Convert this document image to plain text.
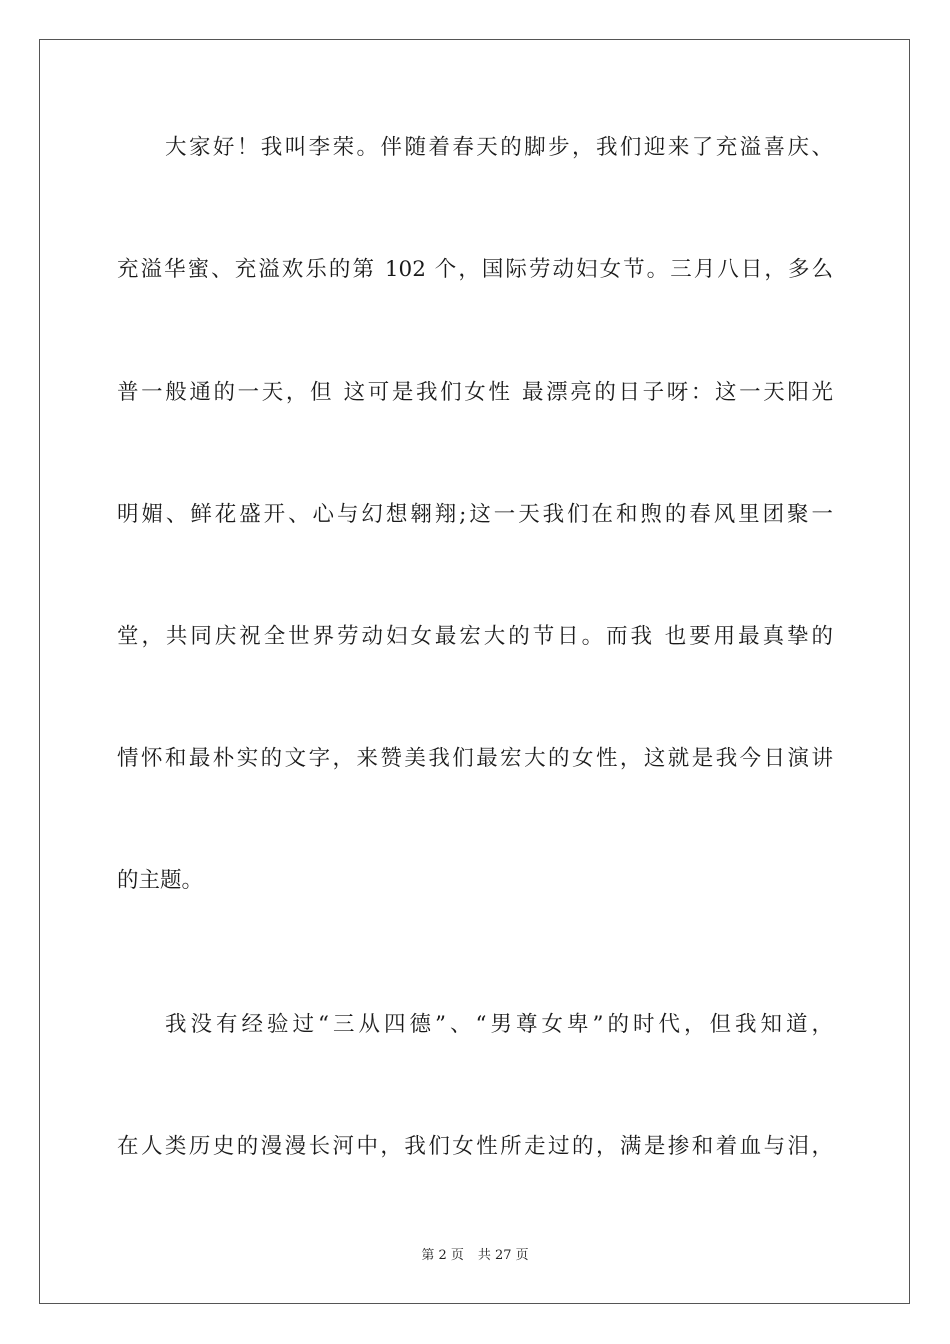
大家好！我叫李荣。伴随着春天的脚步，我们迎来了充溢喜庆、
充溢华蜜、充溢欢乐的第 102 个，国际劳动妇女节。三月八日，多么
普一般通的一天，但 这可是我们女性 最漂亮的日子呀：这一天阳光
明媚、鲜花盛开、心与幻想翱翔;这一天我们在和煦的春风里团聚一
堂，共同庆祝全世界劳动妇女最宏大的节日。而我 也要用最真挚的
情怀和最朴实的文字，来赞美我们最宏大的女性，这就是我今日演讲
的主题。
我没有经验过“三从四德”、“男尊女卑”的时代，但我知道，
在人类历史的漫漫长河中，我们女性所走过的，满是掺和着血与泪，
第 2 页 共 27 页
